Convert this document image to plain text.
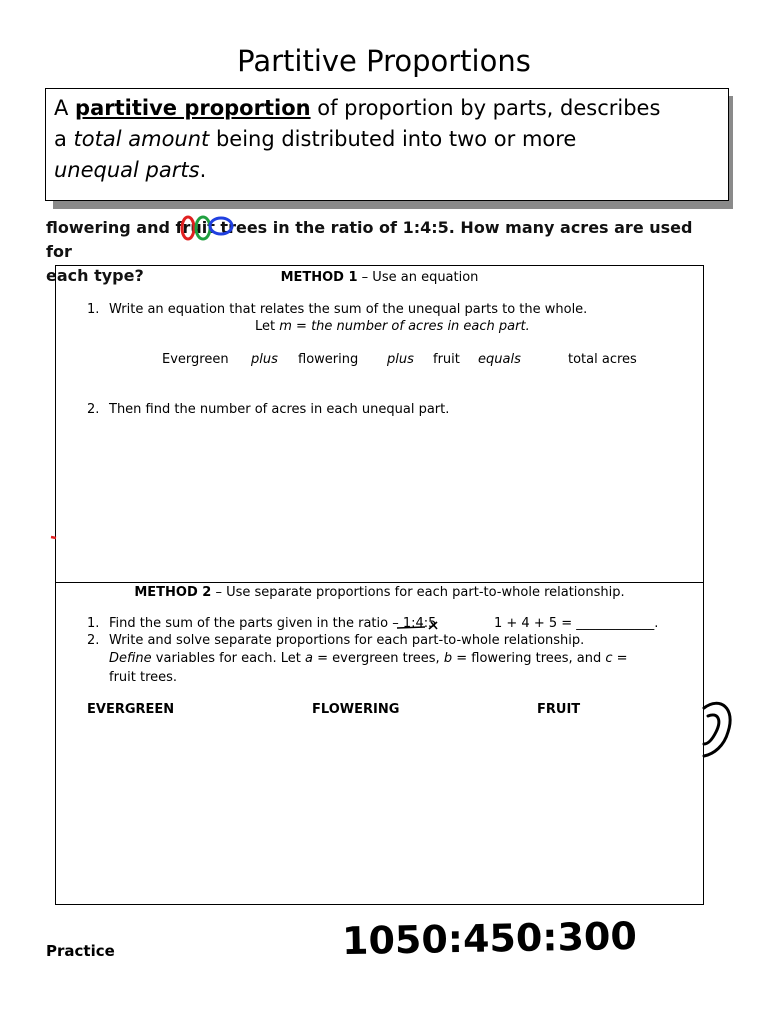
Partitive Proportions
flowering and fruit trees in the ratio of 1:4:5. How many acres are used for
each type?
A partitive proportion of proportion by parts, describes
a total amount being distributed into two or more
unequal parts.
METHOD 1 – Use an equation
1. Write an equation that relates the sum of the unequal parts to the whole.
Let m = the number of acres in each part.
Evergreen plus flowering plus fruit equals	total acres
2. Then find the number of acres in each unequal part.
METHOD 2 – Use separate proportions for each part-to-whole relationship.
1. Find the sum of the parts given in the ratio – 1:4:5	1 + 4 + 5 = ____________.
2. Write and solve separate proportions for each part-to-whole relationship.
Define variables for each. Let a = evergreen trees, b = flowering trees, and c =
fruit trees.
EVERGREEN	FLOWERING	FRUIT
Practice	1050:450:300
